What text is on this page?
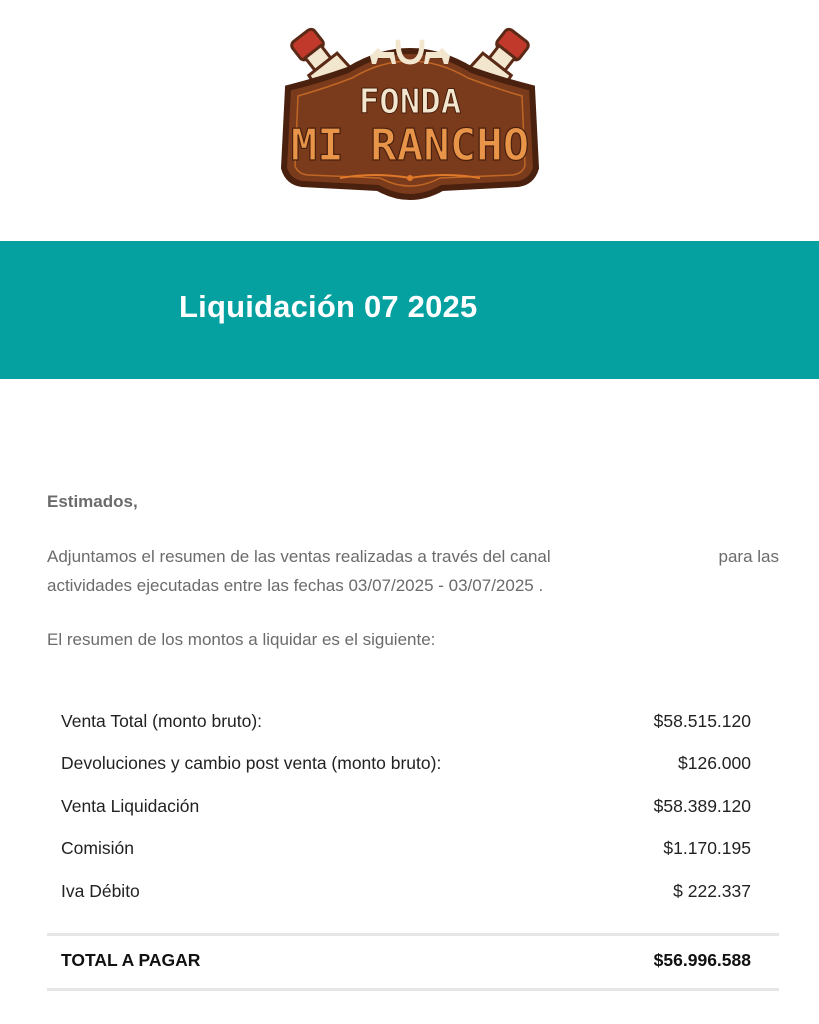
FONDA
MI RANCHO
Liquidación 07 2025

Estimados,

Adjuntamos el resumen de las ventas realizadas a través del canal	para las
actividades ejecutadas entre las fechas 03/07/2025 - 03/07/2025 .

El resumen de los montos a liquidar es el siguiente:

Venta Total (monto bruto):	$58.515.120
Devoluciones y cambio post venta (monto bruto):	$126.000
Venta Liquidación	$58.389.120
Comisión	$1.170.195
Iva Débito	$ 222.337
TOTAL A PAGAR	$56.996.588
